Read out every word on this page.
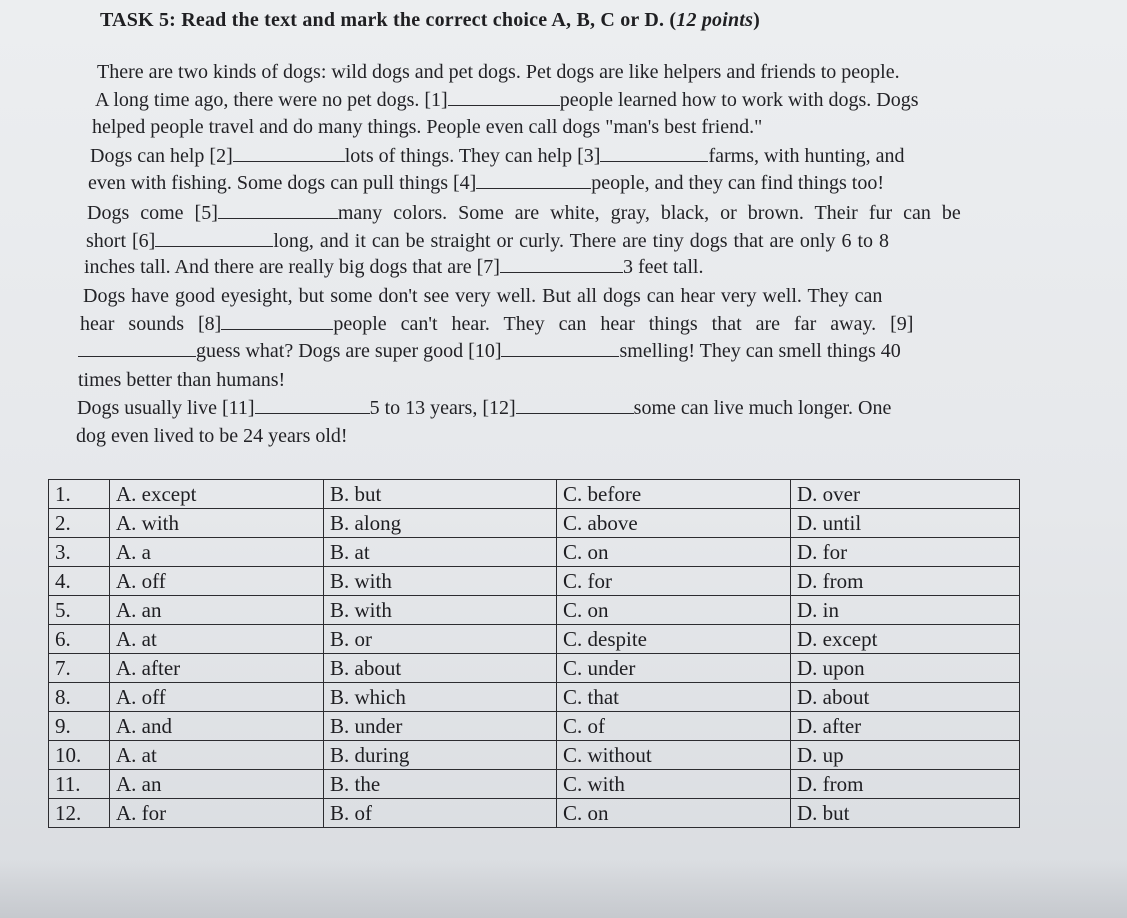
TASK 5: Read the text and mark the correct choice A, B, C or D. (12 points)
There are two kinds of dogs: wild dogs and pet dogs. Pet dogs are like helpers and friends to people.
A long time ago, there were no pet dogs. [1]	people learned how to work with dogs. Dogs
helped people travel and do many things. People even call dogs "man's best friend."
Dogs can help [2]	lots of things. They can help [3]	farms, with hunting, and
even with fishing. Some dogs can pull things [4]	people, and they can find things too!
Dogs come [5]	many colors. Some are white, gray, black, or brown. Their fur can be
short [6]	long, and it can be straight or curly. There are tiny dogs that are only 6 to 8
inches tall. And there are really big dogs that are [7]	3 feet tall.
Dogs have good eyesight, but some don't see very well. But all dogs can hear very well. They can
hear sounds [8]	people can't hear. They can hear things that are far away. [9]
guess what? Dogs are super good [10]	smelling! They can smell things 40
times better than humans!
Dogs usually live [11]	5 to 13 years, [12]	some can live much longer. One
dog even lived to be 24 years old!
1.	A. except	B. but	C. before	D. over
2.	A. with	B. along	C. above	D. until
3.	A. a	B. at	C. on	D. for
4.	A. off	B. with	C. for	D. from
5.	A. an	B. with	C. on	D. in
6.	A. at	B. or	C. despite	D. except
7.	A. after	B. about	C. under	D. upon
8.	A. off	B. which	C. that	D. about
9.	A. and	B. under	C. of	D. after
10.	A. at	B. during	C. without	D. up
11.	A. an	B. the	C. with	D. from
12.	A. for	B. of	C. on	D. but
